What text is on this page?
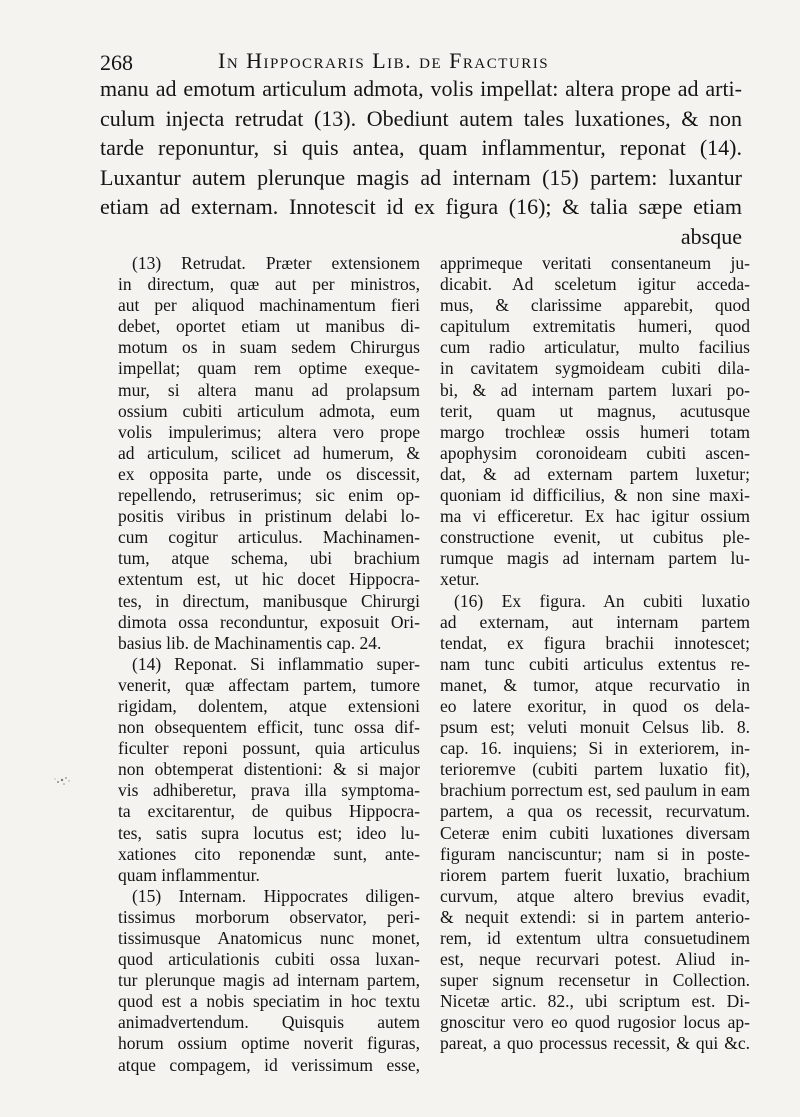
268	In Hippocraris Lib. de Fracturis
manu ad emotum articulum admota, volis impellat: altera prope ad arti-
culum injecta retrudat (13). Obediunt autem tales luxationes, & non
tarde reponuntur, si quis antea, quam inflammentur, reponat (14).
Luxantur autem plerunque magis ad internam (15) partem: luxantur
etiam ad externam. Innotescit id ex figura (16); & talia sæpe etiam
absque
(13) Retrudat. Præter extensionem
in directum, quæ aut per ministros,
aut per aliquod machinamentum fieri
debet, oportet etiam ut manibus di-
motum os in suam sedem Chirurgus
impellat; quam rem optime exeque-
mur, si altera manu ad prolapsum
ossium cubiti articulum admota, eum
volis impulerimus; altera vero prope
ad articulum, scilicet ad humerum, &
ex opposita parte, unde os discessit,
repellendo, retruserimus; sic enim op-
positis viribus in pristinum delabi lo-
cum cogitur articulus. Machinamen-
tum, atque schema, ubi brachium
extentum est, ut hic docet Hippocra-
tes, in directum, manibusque Chirurgi
dimota ossa reconduntur, exposuit Ori-
basius lib. de Machinamentis cap. 24.
(14) Reponat. Si inflammatio super-
venerit, quæ affectam partem, tumore
rigidam, dolentem, atque extensioni
non obsequentem efficit, tunc ossa dif-
ficulter reponi possunt, quia articulus
non obtemperat distentioni: & si major
vis adhiberetur, prava illa symptoma-
ta excitarentur, de quibus Hippocra-
tes, satis supra locutus est; ideo lu-
xationes cito reponendæ sunt, ante-
quam inflammentur.
(15) Internam. Hippocrates diligen-
tissimus morborum observator, peri-
tissimusque Anatomicus nunc monet,
quod articulationis cubiti ossa luxan-
tur plerunque magis ad internam partem,
quod est a nobis speciatim in hoc textu
animadvertendum. Quisquis autem
horum ossium optime noverit figuras,
atque compagem, id verissimum esse,
apprimeque veritati consentaneum ju-
dicabit. Ad sceletum igitur acceda-
mus, & clarissime apparebit, quod
capitulum extremitatis humeri, quod
cum radio articulatur, multo facilius
in cavitatem sygmoideam cubiti dila-
bi, & ad internam partem luxari po-
terit, quam ut magnus, acutusque
margo trochleæ ossis humeri totam
apophysim coronoideam cubiti ascen-
dat, & ad externam partem luxetur;
quoniam id difficilius, & non sine maxi-
ma vi efficeretur. Ex hac igitur ossium
constructione evenit, ut cubitus ple-
rumque magis ad internam partem lu-
xetur.
(16) Ex figura. An cubiti luxatio
ad externam, aut internam partem
tendat, ex figura brachii innotescet;
nam tunc cubiti articulus extentus re-
manet, & tumor, atque recurvatio in
eo latere exoritur, in quod os dela-
psum est; veluti monuit Celsus lib. 8.
cap. 16. inquiens; Si in exteriorem, in-
terioremve (cubiti partem luxatio fit),
brachium porrectum est, sed paulum in eam
partem, a qua os recessit, recurvatum.
Ceteræ enim cubiti luxationes diversam
figuram nanciscuntur; nam si in poste-
riorem partem fuerit luxatio, brachium
curvum, atque altero brevius evadit,
& nequit extendi: si in partem anterio-
rem, id extentum ultra consuetudinem
est, neque recurvari potest. Aliud in-
super signum recensetur in Collection.
Nicetæ artic. 82., ubi scriptum est. Di-
gnoscitur vero eo quod rugosior locus ap-
pareat, a quo processus recessit, & qui &c.
